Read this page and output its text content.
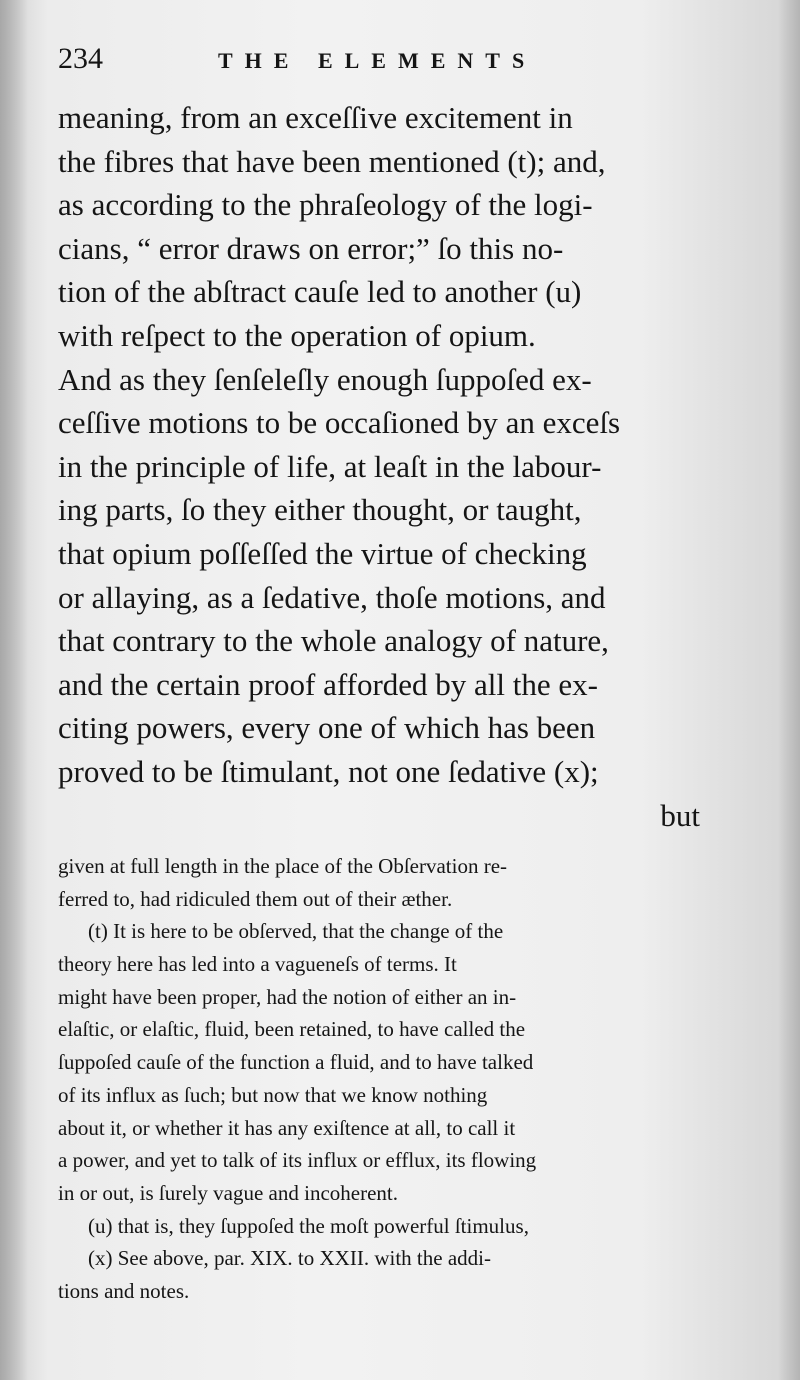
234	THE ELEMENTS
meaning, from an exceſſive excitement in
the fibres that have been mentioned (t); and,
as according to the phraſeology of the logi-
cians, “ error draws on error;” ſo this no-
tion of the abſtract cauſe led to another (u)
with reſpect to the operation of opium.
And as they ſenſeleſly enough ſuppoſed ex-
ceſſive motions to be occaſioned by an exceſs
in the principle of life, at leaſt in the labour-
ing parts, ſo they either thought, or taught,
that opium poſſeſſed the virtue of checking
or allaying, as a ſedative, thoſe motions, and
that contrary to the whole analogy of nature,
and the certain proof afforded by all the ex-
citing powers, every one of which has been
proved to be ſtimulant, not one ſedative (x);
but
given at full length in the place of the Obſervation re-
ferred to, had ridiculed them out of their æther.
(t) It is here to be obſerved, that the change of the
theory here has led into a vagueneſs of terms. It
might have been proper, had the notion of either an in-
elaſtic, or elaſtic, fluid, been retained, to have called the
ſuppoſed cauſe of the function a fluid, and to have talked
of its influx as ſuch; but now that we know nothing
about it, or whether it has any exiſtence at all, to call it
a power, and yet to talk of its influx or efflux, its flowing
in or out, is ſurely vague and incoherent.
(u) that is, they ſuppoſed the moſt powerful ſtimulus,
(x) See above, par. XIX. to XXII. with the addi-
tions and notes.
